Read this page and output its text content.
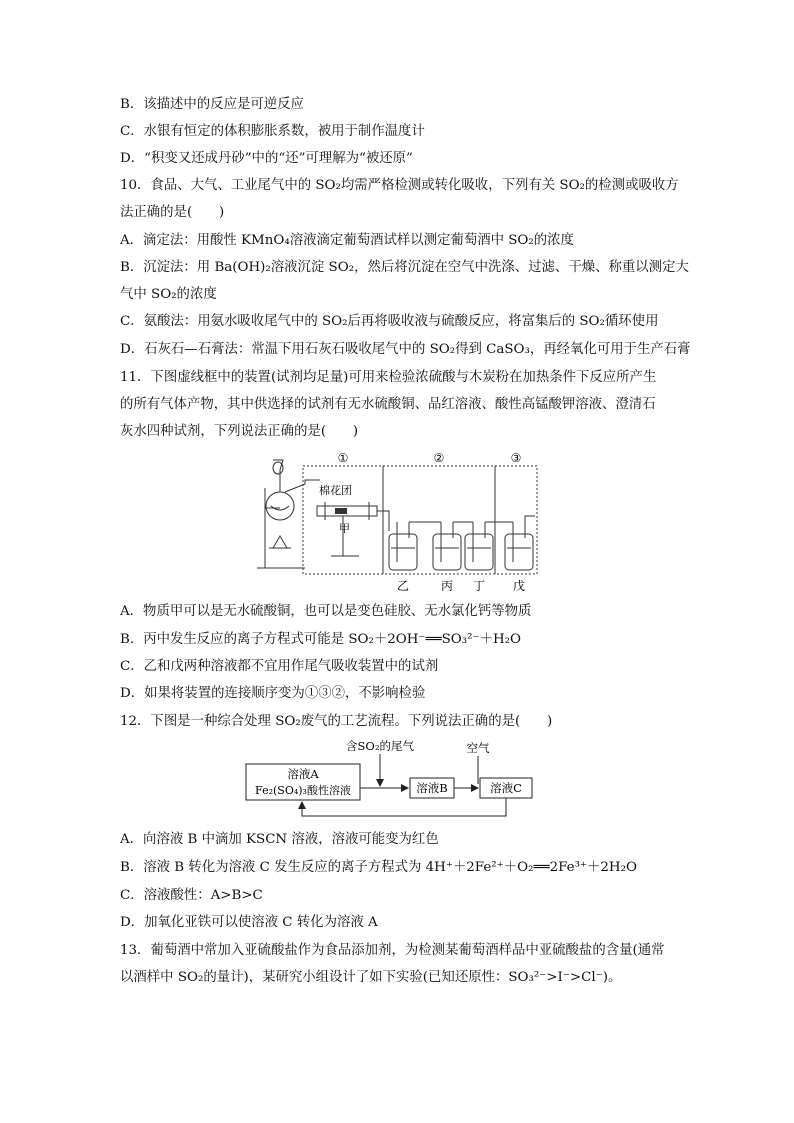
B．该描述中的反应是可逆反应
C．水银有恒定的体积膨胀系数，被用于制作温度计
D．“积变又还成丹砂”中的“还”可理解为“被还原”
10．食品、大气、工业尾气中的 SO₂均需严格检测或转化吸收，下列有关 SO₂的检测或吸收方
法正确的是(　　)
A．滴定法：用酸性 KMnO₄溶液滴定葡萄酒试样以测定葡萄酒中 SO₂的浓度
B．沉淀法：用 Ba(OH)₂溶液沉淀 SO₂，然后将沉淀在空气中洗涤、过滤、干燥、称重以测定大
气中 SO₂的浓度
C．氨酸法：用氨水吸收尾气中的 SO₂后再将吸收液与硫酸反应，将富集后的 SO₂循环使用
D．石灰石—石膏法：常温下用石灰石吸收尾气中的 SO₂得到 CaSO₃，再经氧化可用于生产石膏
11．下图虚线框中的装置(试剂均足量)可用来检验浓硫酸与木炭粉在加热条件下反应所产生
的所有气体产物，其中供选择的试剂有无水硫酸铜、品红溶液、酸性高锰酸钾溶液、澄清石
灰水四种试剂，下列说法正确的是(　　)
①	②	③
棉花团
甲
乙	丙 丁 戊
A．物质甲可以是无水硫酸铜，也可以是变色硅胶、无水氯化钙等物质
B．丙中发生反应的离子方程式可能是 SO₂＋2OH⁻══SO₃²⁻＋H₂O
C．乙和戊两种溶液都不宜用作尾气吸收装置中的试剂
D．如果将装置的连接顺序变为①③②，不影响检验
12．下图是一种综合处理 SO₂废气的工艺流程。下列说法正确的是(　　)
含SO₂的尾气	空气
溶液A
Fe₂(SO₄)₃酸性溶液	溶液B	溶液C
A．向溶液 B 中滴加 KSCN 溶液，溶液可能变为红色
B．溶液 B 转化为溶液 C 发生反应的离子方程式为 4H⁺＋2Fe²⁺＋O₂══2Fe³⁺＋2H₂O
C．溶液酸性：A>B>C
D．加氧化亚铁可以使溶液 C 转化为溶液 A
13．葡萄酒中常加入亚硫酸盐作为食品添加剂，为检测某葡萄酒样品中亚硫酸盐的含量(通常
以酒样中 SO₂的量计)，某研究小组设计了如下实验(已知还原性：SO₃²⁻>I⁻>Cl⁻)。
